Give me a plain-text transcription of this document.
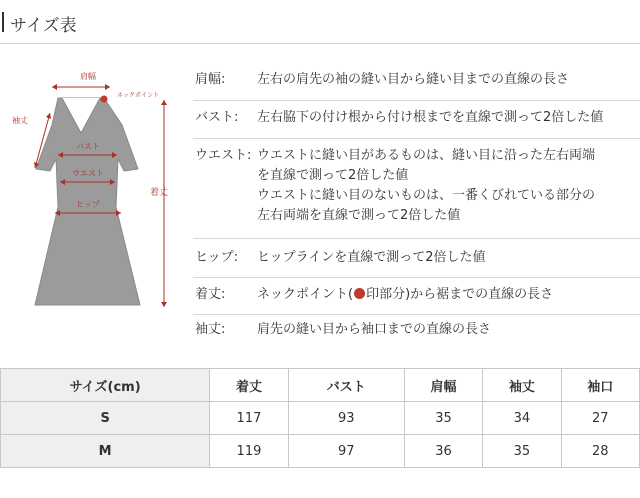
サイズ表
肩幅
ネックポイント
袖丈
バスト
ウエスト
ヒップ
着丈
肩幅:	左右の肩先の袖の縫い目から縫い目までの直線の長さ
バスト:	左右脇下の付け根から付け根までを直線で測って2倍した値
ウエスト: ウエストに縫い目があるものは、縫い目に沿った左右両端
を直線で測って2倍した値
ウエストに縫い目のないものは、一番くびれている部分の
左右両端を直線で測って2倍した値
ヒップ:	ヒップラインを直線で測って2倍した値
着丈:	ネックポイント( 印部分)から裾までの直線の長さ
袖丈:	肩先の縫い目から袖口までの直線の長さ
サイズ(cm)	着丈	バスト	肩幅	袖丈	袖口
S	117	93	35	34	27
M	119	97	36	35	28
